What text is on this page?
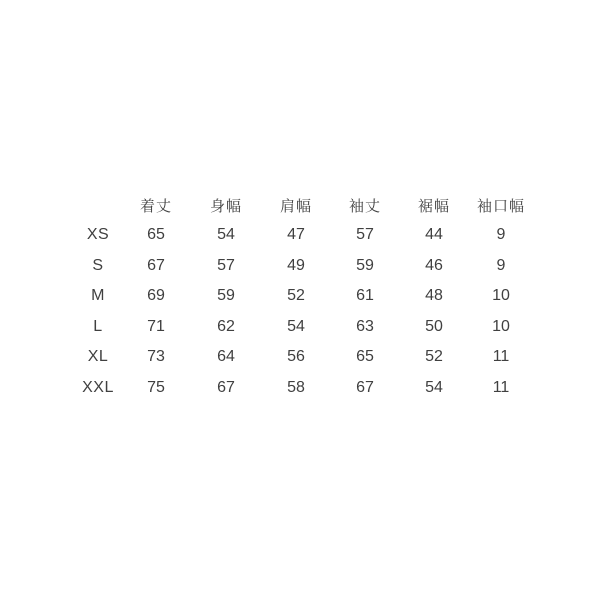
	着丈	身幅	肩幅	袖丈	裾幅	袖口幅
XS	65	54	47	57	44	9
S	67	57	49	59	46	9
M	69	59	52	61	48	10
L	71	62	54	63	50	10
XL	73	64	56	65	52	11
XXL	75	67	58	67	54	11
